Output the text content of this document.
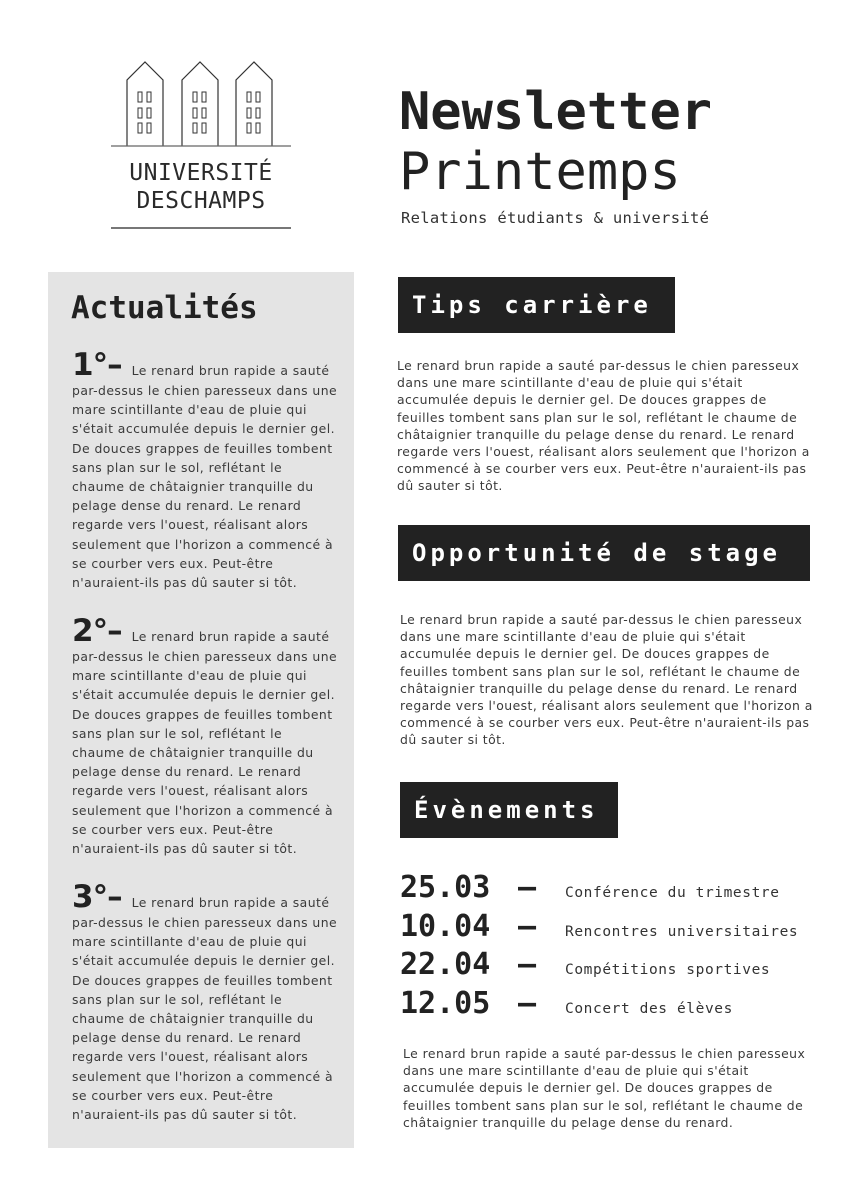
UNIVERSITÉ
DESCHAMPS
Newsletter
Printemps
Relations étudiants & université
Actualités

1°– Le renard brun rapide a sauté par-dessus le chien paresseux dans une mare scintillante d'eau de pluie qui s'était accumulée depuis le dernier gel. De douces grappes de feuilles tombent sans plan sur le sol, reflétant le chaume de châtaignier tranquille du pelage dense du renard. Le renard regarde vers l'ouest, réalisant alors seulement que l'horizon a commencé à se courber vers eux. Peut-être n'auraient-ils pas dû sauter si tôt.

2°– Le renard brun rapide a sauté par-dessus le chien paresseux dans une mare scintillante d'eau de pluie qui s'était accumulée depuis le dernier gel. De douces grappes de feuilles tombent sans plan sur le sol, reflétant le chaume de châtaignier tranquille du pelage dense du renard. Le renard regarde vers l'ouest, réalisant alors seulement que l'horizon a commencé à se courber vers eux. Peut-être n'auraient-ils pas dû sauter si tôt.

3°– Le renard brun rapide a sauté par-dessus le chien paresseux dans une mare scintillante d'eau de pluie qui s'était accumulée depuis le dernier gel. De douces grappes de feuilles tombent sans plan sur le sol, reflétant le chaume de châtaignier tranquille du pelage dense du renard. Le renard regarde vers l'ouest, réalisant alors seulement que l'horizon a commencé à se courber vers eux. Peut-être n'auraient-ils pas dû sauter si tôt.

Tips carrière

Le renard brun rapide a sauté par-dessus le chien paresseux dans une mare scintillante d'eau de pluie qui s'était accumulée depuis le dernier gel. De douces grappes de feuilles tombent sans plan sur le sol, reflétant le chaume de châtaignier tranquille du pelage dense du renard. Le renard regarde vers l'ouest, réalisant alors seulement que l'horizon a commencé à se courber vers eux. Peut-être n'auraient-ils pas dû sauter si tôt.

Opportunité de stage

Le renard brun rapide a sauté par-dessus le chien paresseux dans une mare scintillante d'eau de pluie qui s'était accumulée depuis le dernier gel. De douces grappes de feuilles tombent sans plan sur le sol, reflétant le chaume de châtaignier tranquille du pelage dense du renard. Le renard regarde vers l'ouest, réalisant alors seulement que l'horizon a commencé à se courber vers eux. Peut-être n'auraient-ils pas dû sauter si tôt.

Évènements
25.03 –	Conférence du trimestre
10.04 –	Rencontres universitaires
22.04 –	Compétitions sportives
12.05 –	Concert des élèves

Le renard brun rapide a sauté par-dessus le chien paresseux dans une mare scintillante d'eau de pluie qui s'était accumulée depuis le dernier gel. De douces grappes de feuilles tombent sans plan sur le sol, reflétant le chaume de châtaignier tranquille du pelage dense du renard.
